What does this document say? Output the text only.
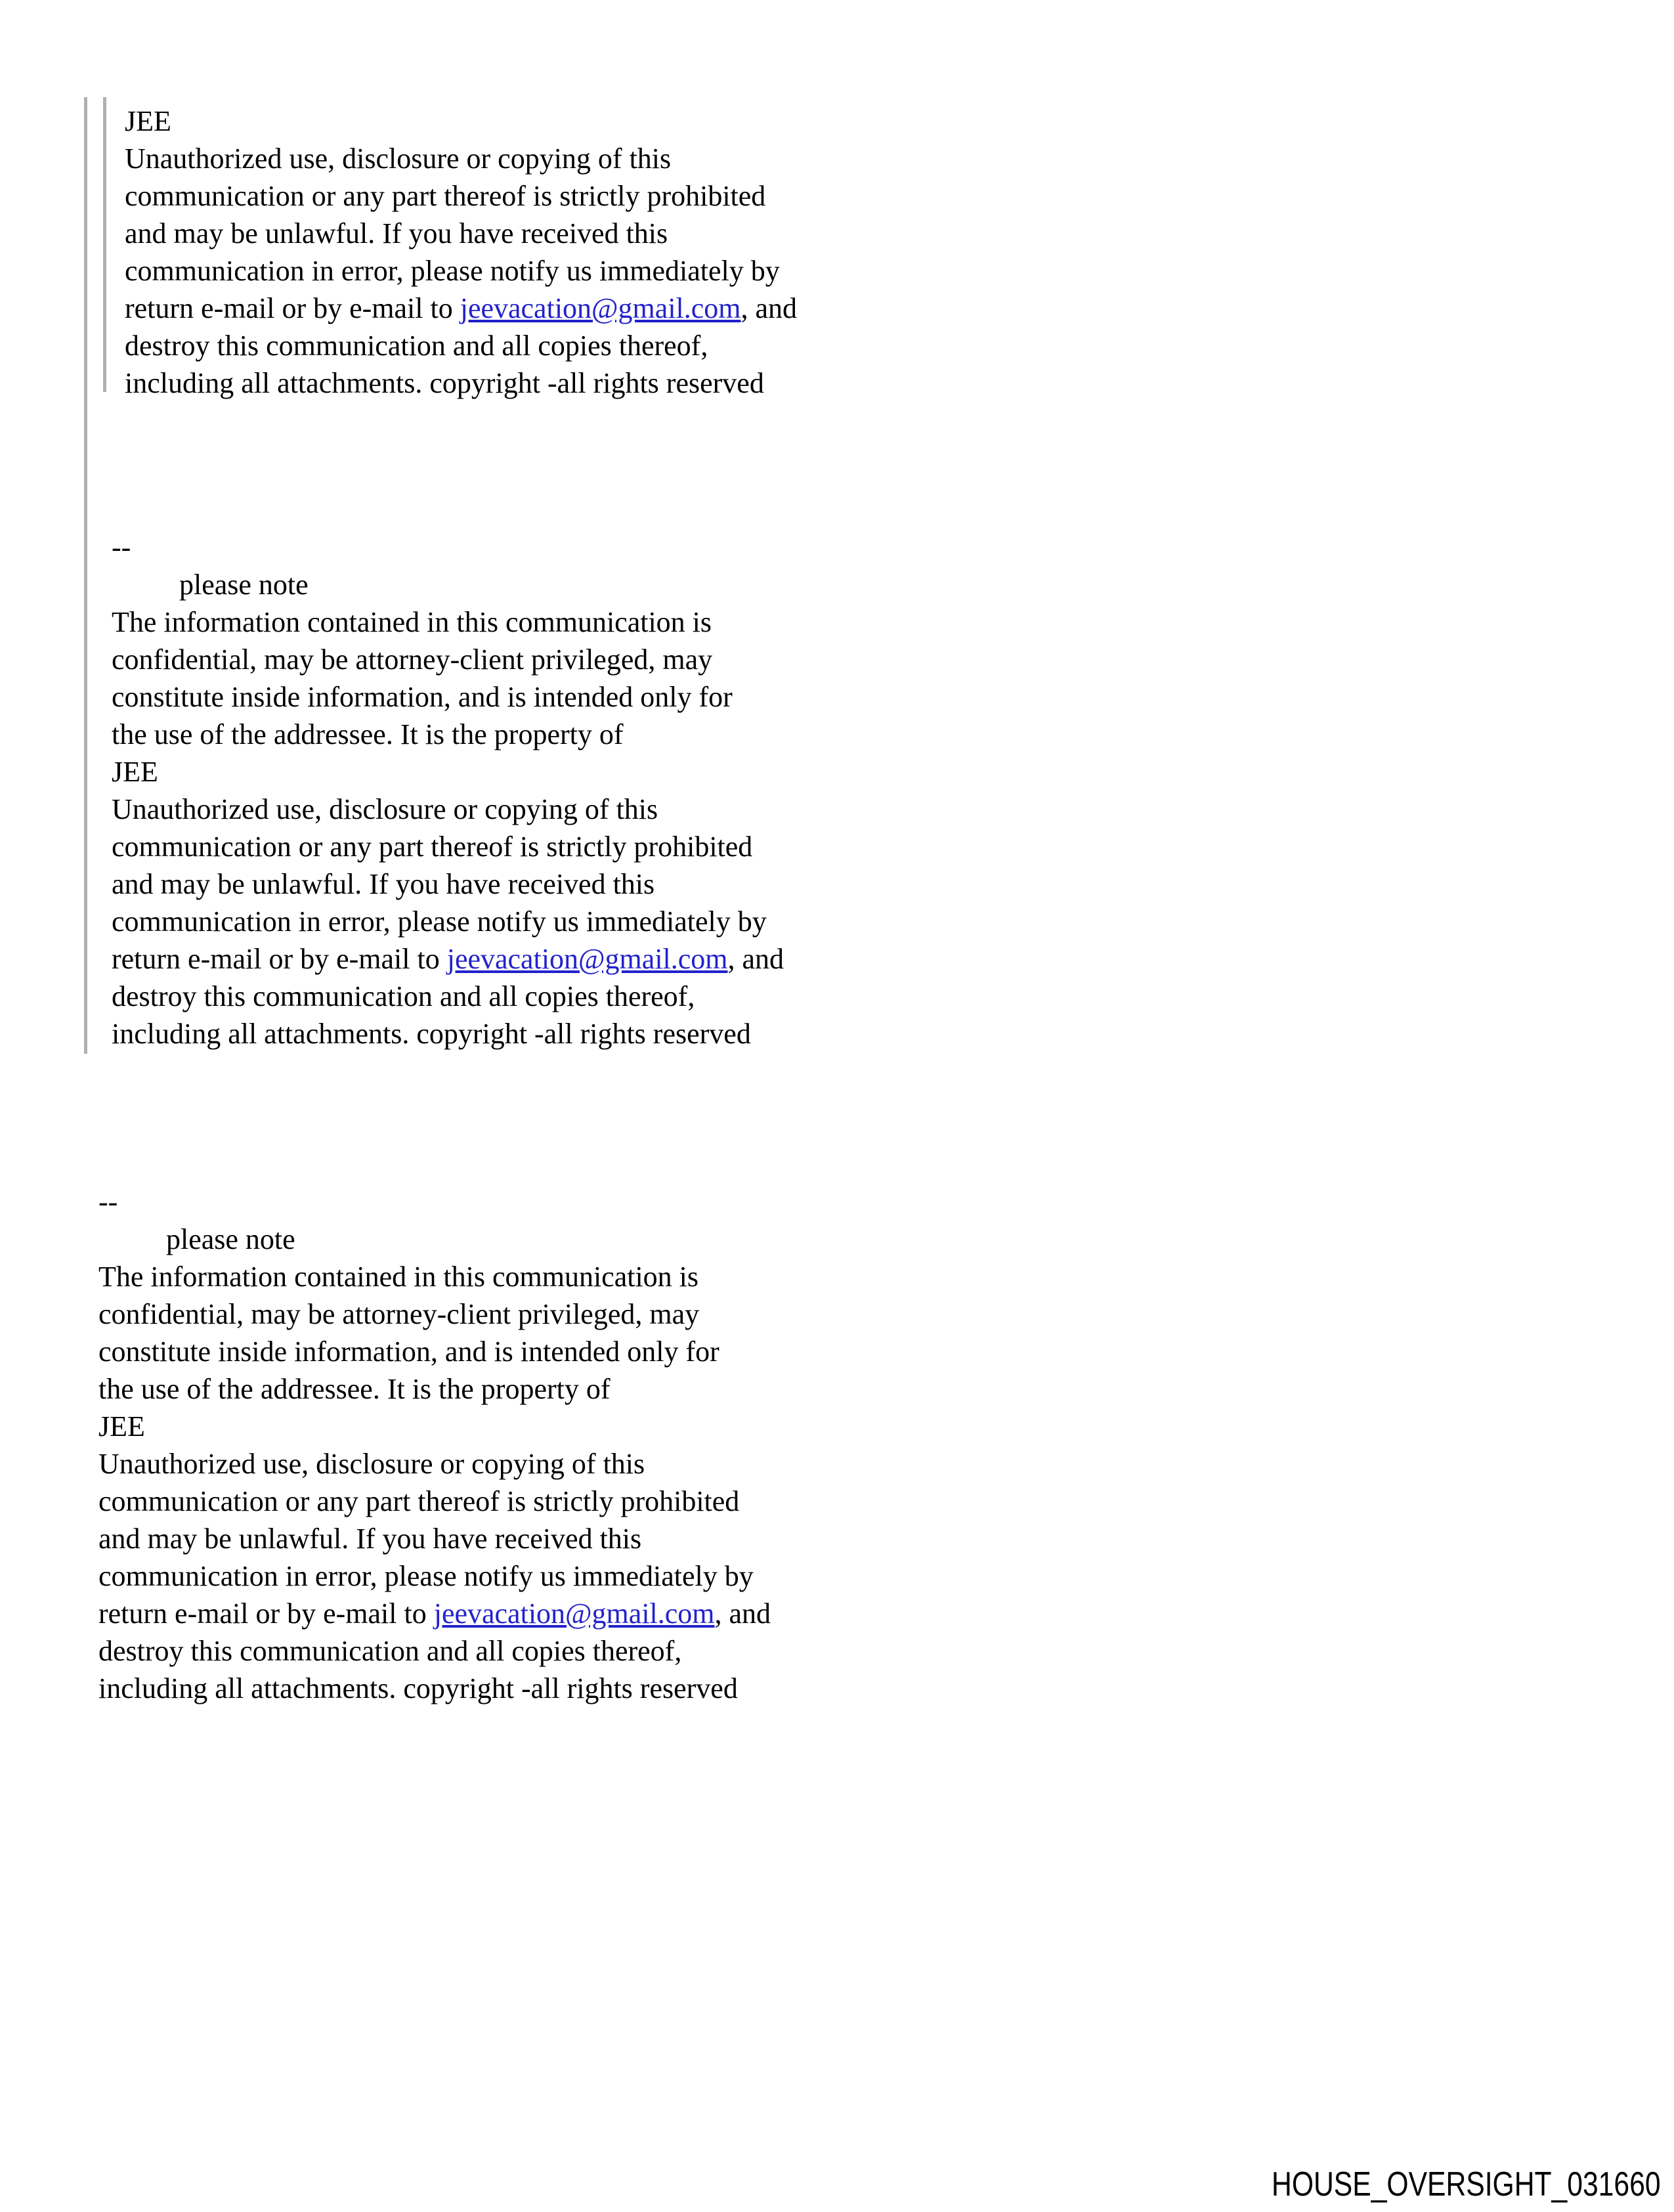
JEE
Unauthorized use, disclosure or copying of this
communication or any part thereof is strictly prohibited
and may be unlawful. If you have received this
communication in error, please notify us immediately by
return e-mail or by e-mail to jeevacation@gmail.com, and
destroy this communication and all copies thereof,
including all attachments. copyright -all rights reserved
--
please note
The information contained in this communication is
confidential, may be attorney-client privileged, may
constitute inside information, and is intended only for
the use of the addressee. It is the property of
JEE
Unauthorized use, disclosure or copying of this
communication or any part thereof is strictly prohibited
and may be unlawful. If you have received this
communication in error, please notify us immediately by
return e-mail or by e-mail to jeevacation@gmail.com, and
destroy this communication and all copies thereof,
including all attachments. copyright -all rights reserved
--
please note
The information contained in this communication is
confidential, may be attorney-client privileged, may
constitute inside information, and is intended only for
the use of the addressee. It is the property of
JEE
Unauthorized use, disclosure or copying of this
communication or any part thereof is strictly prohibited
and may be unlawful. If you have received this
communication in error, please notify us immediately by
return e-mail or by e-mail to jeevacation@gmail.com, and
destroy this communication and all copies thereof,
including all attachments. copyright -all rights reserved
HOUSE_OVERSIGHT_031660
